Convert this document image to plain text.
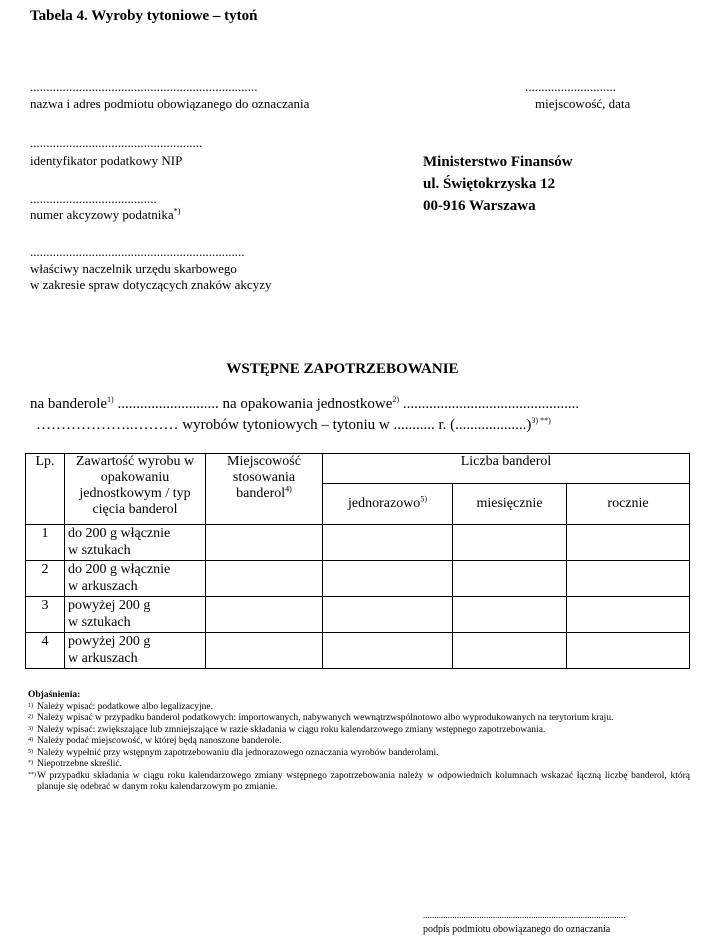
Tabela 4. Wyroby tytoniowe – tytoń
......................................................................
nazwa i adres podmiotu obowiązanego do oznaczania
............................
miejscowość, data
.....................................................
identyfikator podatkowy NIP
.......................................
numer akcyzowy podatnika*)
..................................................................
właściwy naczelnik urzędu skarbowego
w zakresie spraw dotyczących znaków akcyzy
Ministerstwo Finansów
ul. Świętokrzyska 12
00-916 Warszawa
WSTĘPNE ZAPOTRZEBOWANIE
na banderole$^{1)}$ ........................... na opakowania jednostkowe$^{2)}$ ...............................................
………………..……… wyrobów tytoniowych – tytoniu w ........... r. (...................)$^{3) **)}$
Lp.	Zawartość wyrobu w opakowaniu jednostkowym / typ cięcia banderol	Miejscowość stosowania banderol$^{4)}$	Liczba banderol		
			jednorazowo$^{5)}$	miesięcznie	rocznie
1	do 200 g włącznie
w sztukach				

2	do 200 g włącznie
w arkuszach				

3	powyżej 200 g
w sztukach				

4	powyżej 200 g
w arkuszach				

Objaśnienia:
1) Należy wpisać: podatkowe albo legalizacyjne.
2) Należy wpisać w przypadku banderol podatkowych: importowanych, nabywanych wewnątrzwspólnotowo albo wyprodukowanych na terytorium kraju.
3) Należy wpisać: zwiększające lub zmniejszające w razie składania w ciągu roku kalendarzowego zmiany wstępnego zapotrzebowania.
4) Należy podać miejscowość, w której będą nanoszone banderole.
5) Należy wypełnić przy wstępnym zapotrzebowaniu dla jednorazowego oznaczania wyrobów banderolami.
*) Niepotrzebne skreślić.
**) W przypadku składania w ciągu roku kalendarzowego zmiany wstępnego zapotrzebowania należy w odpowiednich kolumnach wskazać łączną liczbę banderol, którą planuje się odebrać w danym roku kalendarzowym po zmianie.
..........................................................................................
podpis podmiotu obowiązanego do oznaczania
